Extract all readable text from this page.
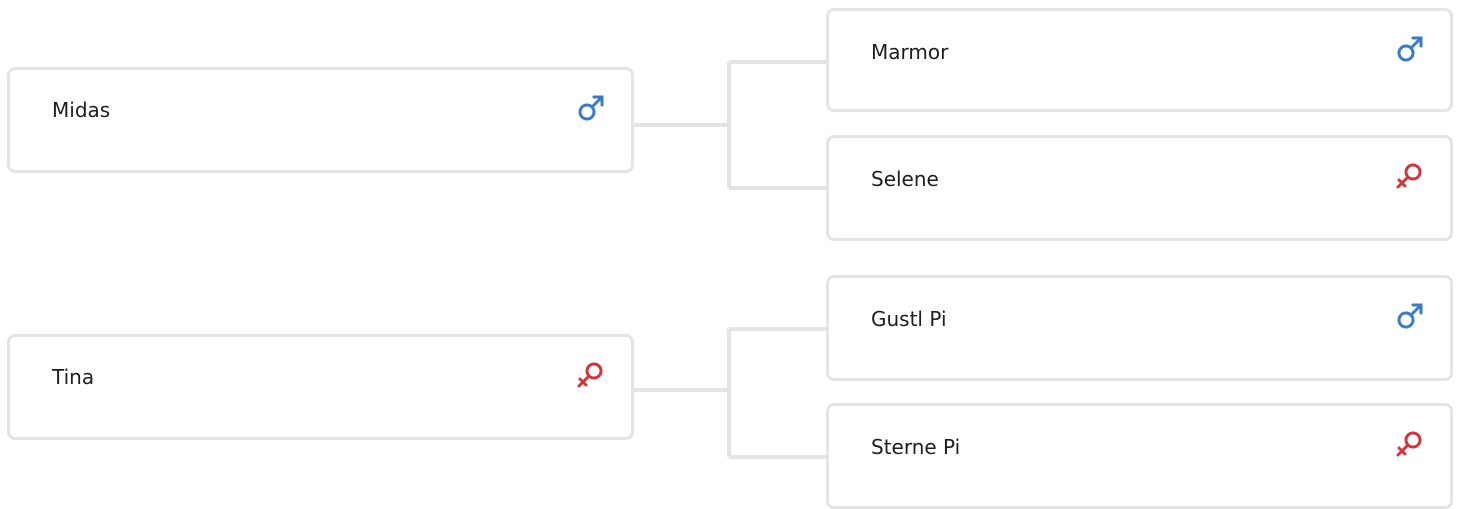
Midas
Marmor
Selene
Tina
Gustl Pi
Sterne Pi
